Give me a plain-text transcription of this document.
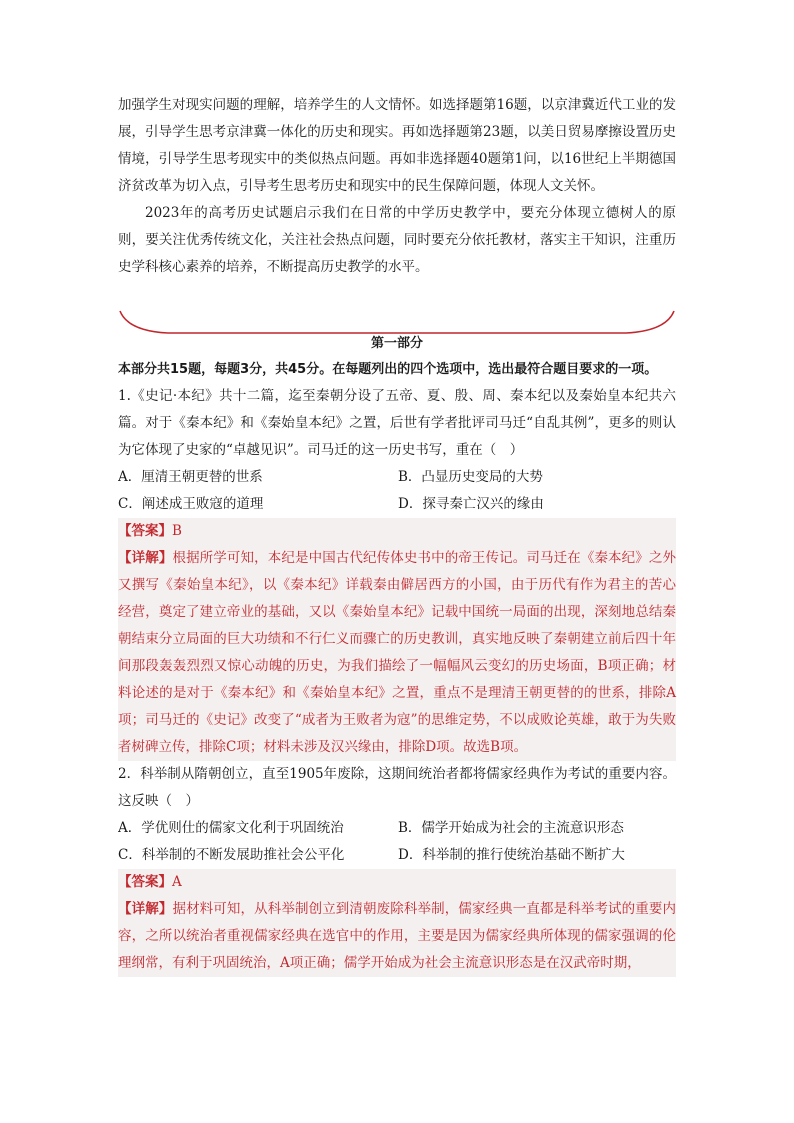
加强学生对现实问题的理解，培养学生的人文情怀。如选择题第16题，以京津冀近代工业的发展，引导学生思考京津冀一体化的历史和现实。再如选择题第23题，以美日贸易摩擦设置历史情境，引导学生思考现实中的类似热点问题。再如非选择题40题第1问，以16世纪上半期德国济贫改革为切入点，引导考生思考历史和现实中的民生保障问题，体现人文关怀。

2023年的高考历史试题启示我们在日常的中学历史教学中，要充分体现立德树人的原则，要关注优秀传统文化，关注社会热点问题，同时要充分依托教材，落实主干知识，注重历史学科核心素养的培养，不断提高历史教学的水平。

第一部分

本部分共15题，每题3分，共45分。在每题列出的四个选项中，选出最符合题目要求的一项。

1.《史记·本纪》共十二篇，迄至秦朝分设了五帝、夏、殷、周、秦本纪以及秦始皇本纪共六篇。对于《秦本纪》和《秦始皇本纪》之置，后世有学者批评司马迁“自乱其例”，更多的则认为它体现了史家的“卓越见识”。司马迁的这一历史书写，重在（　）

A．厘清王朝更替的世系	B．凸显历史变局的大势
C．阐述成王败寇的道理	D．探寻秦亡汉兴的缘由

【答案】B

【详解】根据所学可知，本纪是中国古代纪传体史书中的帝王传记。司马迁在《秦本纪》之外又撰写《秦始皇本纪》，以《秦本纪》详载秦由僻居西方的小国，由于历代有作为君主的苦心经营，奠定了建立帝业的基础，又以《秦始皇本纪》记载中国统一局面的出现，深刻地总结秦朝结束分立局面的巨大功绩和不行仁义而骤亡的历史教训，真实地反映了秦朝建立前后四十年间那段轰轰烈烈又惊心动魄的历史，为我们描绘了一幅幅风云变幻的历史场面，B项正确；材料论述的是对于《秦本纪》和《秦始皇本纪》之置，重点不是理清王朝更替的的世系，排除A项；司马迁的《史记》改变了“成者为王败者为寇”的思维定势，不以成败论英雄，敢于为失败者树碑立传，排除C项；材料未涉及汉兴缘由，排除D项。故选B项。

2．科举制从隋朝创立，直至1905年废除，这期间统治者都将儒家经典作为考试的重要内容。这反映（　）

A．学优则仕的儒家文化利于巩固统治	B．儒学开始成为社会的主流意识形态
C．科举制的不断发展助推社会公平化	D．科举制的推行使统治基础不断扩大

【答案】A

【详解】据材料可知，从科举制创立到清朝废除科举制，儒家经典一直都是科举考试的重要内容，之所以统治者重视儒家经典在选官中的作用，主要是因为儒家经典所体现的儒家强调的伦理纲常，有利于巩固统治，A项正确；儒学开始成为社会主流意识形态是在汉武帝时期，
